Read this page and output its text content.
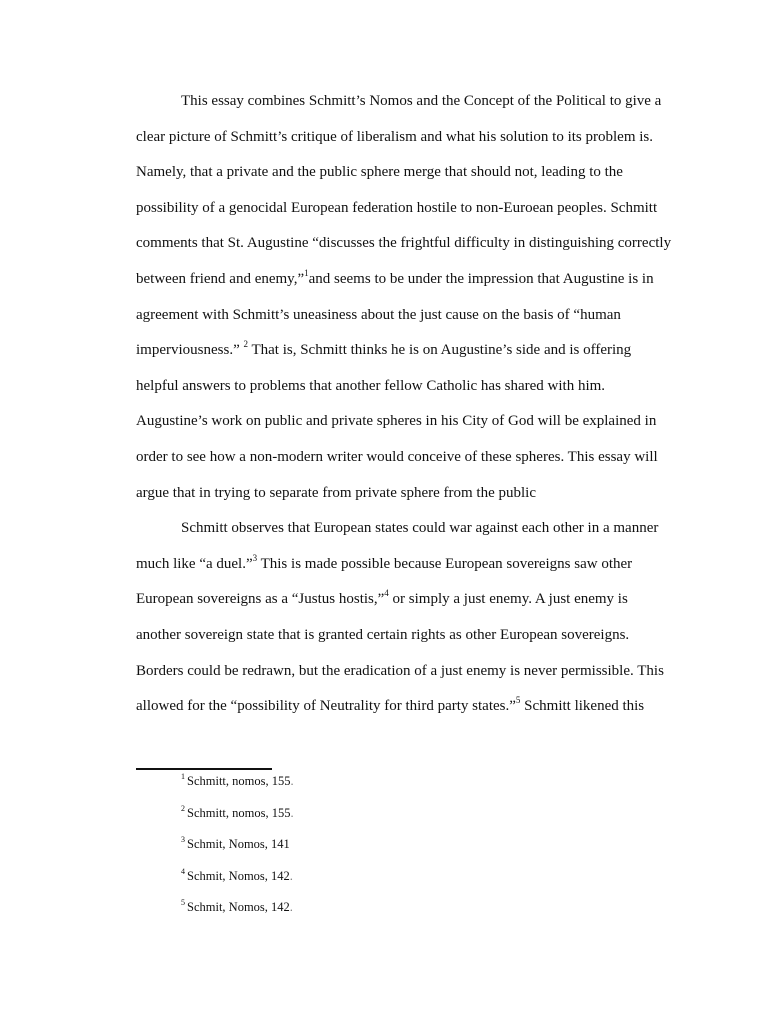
This essay combines Schmitt’s Nomos and the Concept of the Political to give a
clear picture of Schmitt’s critique of liberalism and what his solution to its problem is.
Namely, that a private and the public sphere merge that should not, leading to the
possibility of a genocidal European federation hostile to non-Euroean peoples. Schmitt
comments that St. Augustine “discusses the frightful difficulty in distinguishing correctly
between friend and enemy,”$^1$and seems to be under the impression that Augustine is in
agreement with Schmitt’s uneasiness about the just cause on the basis of “human
imperviousness.” $^2$ That is, Schmitt thinks he is on Augustine’s side and is offering
helpful answers to problems that another fellow Catholic has shared with him.
Augustine’s work on public and private spheres in his City of God will be explained in
order to see how a non-modern writer would conceive of these spheres. This essay will
argue that in trying to separate from private sphere from the public
Schmitt observes that European states could war against each other in a manner
much like “a duel.”$^3$ This is made possible because European sovereigns saw other
European sovereigns as a “Justus hostis,”$^4$ or simply a just enemy. A just enemy is
another sovereign state that is granted certain rights as other European sovereigns.
Borders could be redrawn, but the eradication of a just enemy is never permissible. This
allowed for the “possibility of Neutrality for third party states.”$^5$ Schmitt likened this
$^1$ Schmitt, nomos, 155.
$^2$ Schmitt, nomos, 155.
$^3$ Schmit, Nomos, 141
$^4$ Schmit, Nomos, 142.
$^5$ Schmit, Nomos, 142.
